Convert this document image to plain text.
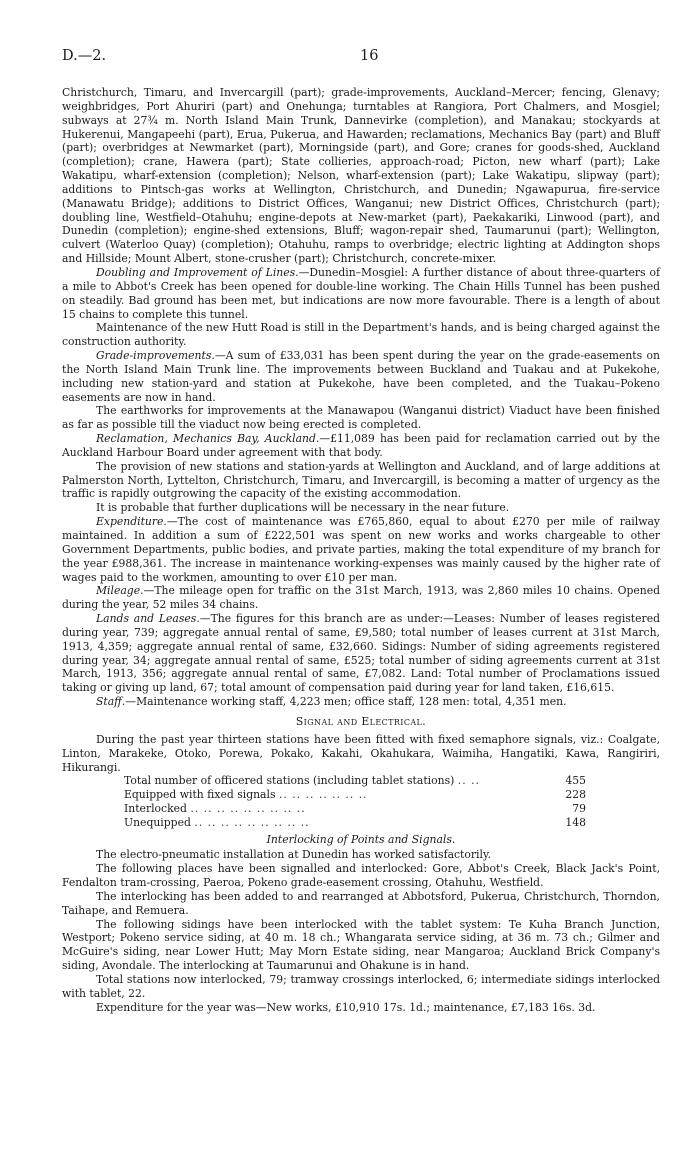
D.—2.	16

Christchurch, Timaru, and Invercargill (part); grade-improvements, Auckland–Mercer; fencing, Glenavy; weighbridges, Port Ahuriri (part) and Onehunga; turntables at Rangiora, Port Chalmers, and Mosgiel; subways at 27¾ m. North Island Main Trunk, Dannevirke (completion), and Manakau; stockyards at Hukerenui, Mangapeehi (part), Erua, Pukerua, and Hawarden; reclamations, Mechanics Bay (part) and Bluff (part); overbridges at Newmarket (part), Morningside (part), and Gore; cranes for goods-shed, Auckland (completion); crane, Hawera (part); State collieries, approach-road; Picton, new wharf (part); Lake Wakatipu, wharf-extension (completion); Nelson, wharf-extension (part); Lake Wakatipu, slipway (part); additions to Pintsch-gas works at Wellington, Christchurch, and Dunedin; Ngawapurua, fire-service (Manawatu Bridge); additions to District Offices, Wanganui; new District Offices, Christchurch (part); doubling line, Westfield–Otahuhu; engine-depots at New-market (part), Paekakariki, Linwood (part), and Dunedin (completion); engine-shed extensions, Bluff; wagon-repair shed, Taumarunui (part); Wellington, culvert (Waterloo Quay) (completion); Otahuhu, ramps to overbridge; electric lighting at Addington shops and Hillside; Mount Albert, stone-crusher (part); Christchurch, concrete-mixer.

Doubling and Improvement of Lines.—Dunedin–Mosgiel: A further distance of about three-quarters of a mile to Abbot's Creek has been opened for double-line working. The Chain Hills Tunnel has been pushed on steadily. Bad ground has been met, but indications are now more favourable. There is a length of about 15 chains to complete this tunnel.

Maintenance of the new Hutt Road is still in the Department's hands, and is being charged against the construction authority.

Grade-improvements.—A sum of £33,031 has been spent during the year on the grade-easements on the North Island Main Trunk line. The improvements between Buckland and Tuakau and at Pukekohe, including new station-yard and station at Pukekohe, have been completed, and the Tuakau–Pokeno easements are now in hand.

The earthworks for improvements at the Manawapou (Wanganui district) Viaduct have been finished as far as possible till the viaduct now being erected is completed.

Reclamation, Mechanics Bay, Auckland.—£11,089 has been paid for reclamation carried out by the Auckland Harbour Board under agreement with that body.

The provision of new stations and station-yards at Wellington and Auckland, and of large additions at Palmerston North, Lyttelton, Christchurch, Timaru, and Invercargill, is becoming a matter of urgency as the traffic is rapidly outgrowing the capacity of the existing accommodation.

It is probable that further duplications will be necessary in the near future.

Expenditure.—The cost of maintenance was £765,860, equal to about £270 per mile of railway maintained. In addition a sum of £222,501 was spent on new works and works chargeable to other Government Departments, public bodies, and private parties, making the total expenditure of my branch for the year £988,361. The increase in maintenance working-expenses was mainly caused by the higher rate of wages paid to the workmen, amounting to over £10 per man.

Mileage.—The mileage open for traffic on the 31st March, 1913, was 2,860 miles 10 chains. Opened during the year, 52 miles 34 chains.

Lands and Leases.—The figures for this branch are as under:—Leases: Number of leases registered during year, 739; aggregate annual rental of same, £9,580; total number of leases current at 31st March, 1913, 4,359; aggregate annual rental of same, £32,660. Sidings: Number of siding agreements registered during year, 34; aggregate annual rental of same, £525; total number of siding agreements current at 31st March, 1913, 356; aggregate annual rental of same, £7,082. Land: Total number of Proclamations issued taking or giving up land, 67; total amount of compensation paid during year for land taken, £16,615.

Staff.—Maintenance working staff, 4,223 men; office staff, 128 men: total, 4,351 men.

Signal and Electrical.

During the past year thirteen stations have been fitted with fixed semaphore signals, viz.: Coalgate, Linton, Marakeke, Otoko, Porewa, Pokako, Kakahi, Okahukara, Waimiha, Hangatiki, Kawa, Rangiriri, Hikurangi.

Total number of officered stations (including tablet stations) .. ..	455
Equipped with fixed signals .. .. .. .. .. .. ..	228
Interlocked .. .. .. .. .. .. .. .. ..	79
Unequipped .. .. .. .. .. .. .. .. ..	148
Interlocking of Points and Signals.

The electro-pneumatic installation at Dunedin has worked satisfactorily.

The following places have been signalled and interlocked: Gore, Abbot's Creek, Black Jack's Point, Fendalton tram-crossing, Paeroa, Pokeno grade-easement crossing, Otahuhu, Westfield.

The interlocking has been added to and rearranged at Abbotsford, Pukerua, Christchurch, Thorndon, Taihape, and Remuera.

The following sidings have been interlocked with the tablet system: Te Kuha Branch Junction, Westport; Pokeno service siding, at 40 m. 18 ch.; Whangarata service siding, at 36 m. 73 ch.; Gilmer and McGuire's siding, near Lower Hutt; May Morn Estate siding, near Mangaroa; Auckland Brick Company's siding, Avondale. The interlocking at Taumarunui and Ohakune is in hand.

Total stations now interlocked, 79; tramway crossings interlocked, 6; intermediate sidings interlocked with tablet, 22.

Expenditure for the year was—New works, £10,910 17s. 1d.; maintenance, £7,183 16s. 3d.
